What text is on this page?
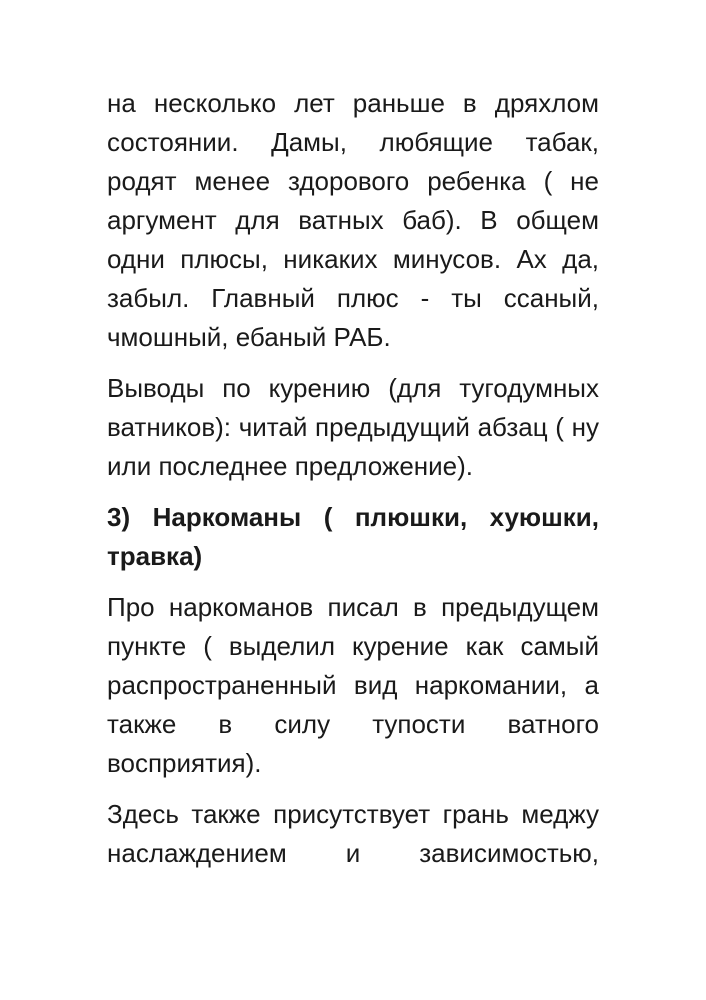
на несколько лет раньше в дряхлом состоянии. Дамы, любящие табак, родят менее здорового ребенка ( не аргумент для ватных баб). В общем одни плюсы, никаких минусов. Ах да, забыл. Главный плюс - ты ссаный, чмошный, ебаный РАБ.

Выводы по курению (для тугодумных ватников): читай предыдущий абзац ( ну или последнее предложение).

3) Наркоманы ( плюшки, хуюшки, травка)

Про наркоманов писал в предыдущем пункте ( выделил курение как самый распространенный вид наркомании, а также в силу тупости ватного восприятия).

Здесь также присутствует грань меджу наслаждением и зависимостью,
